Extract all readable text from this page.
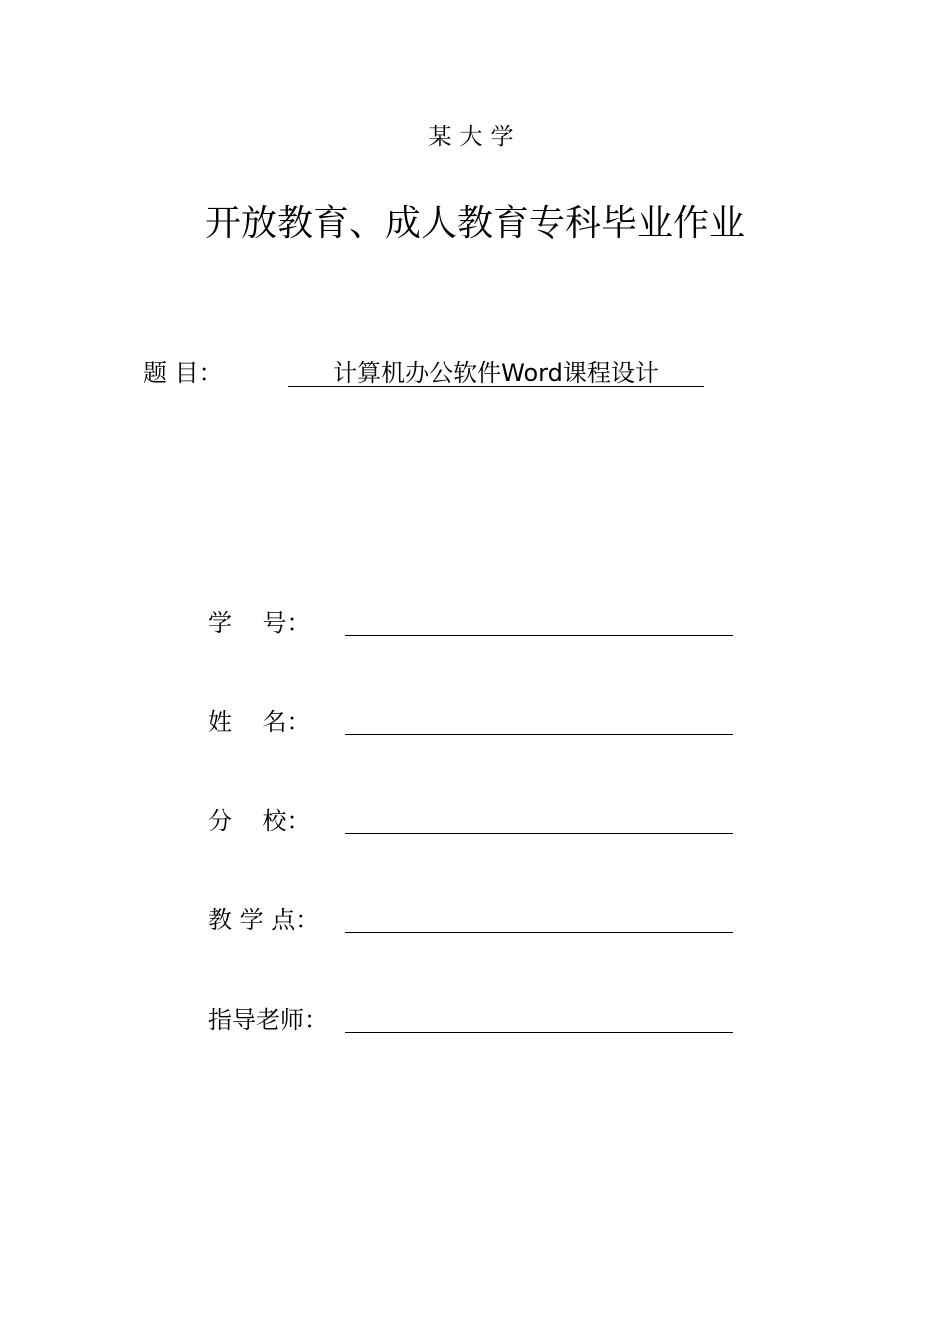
某大学
开放教育、成人教育专科毕业作业
题 目：	计算机办公软件Word课程设计
学    号：
姓    名：
分    校：
教 学 点：
指导老师：
